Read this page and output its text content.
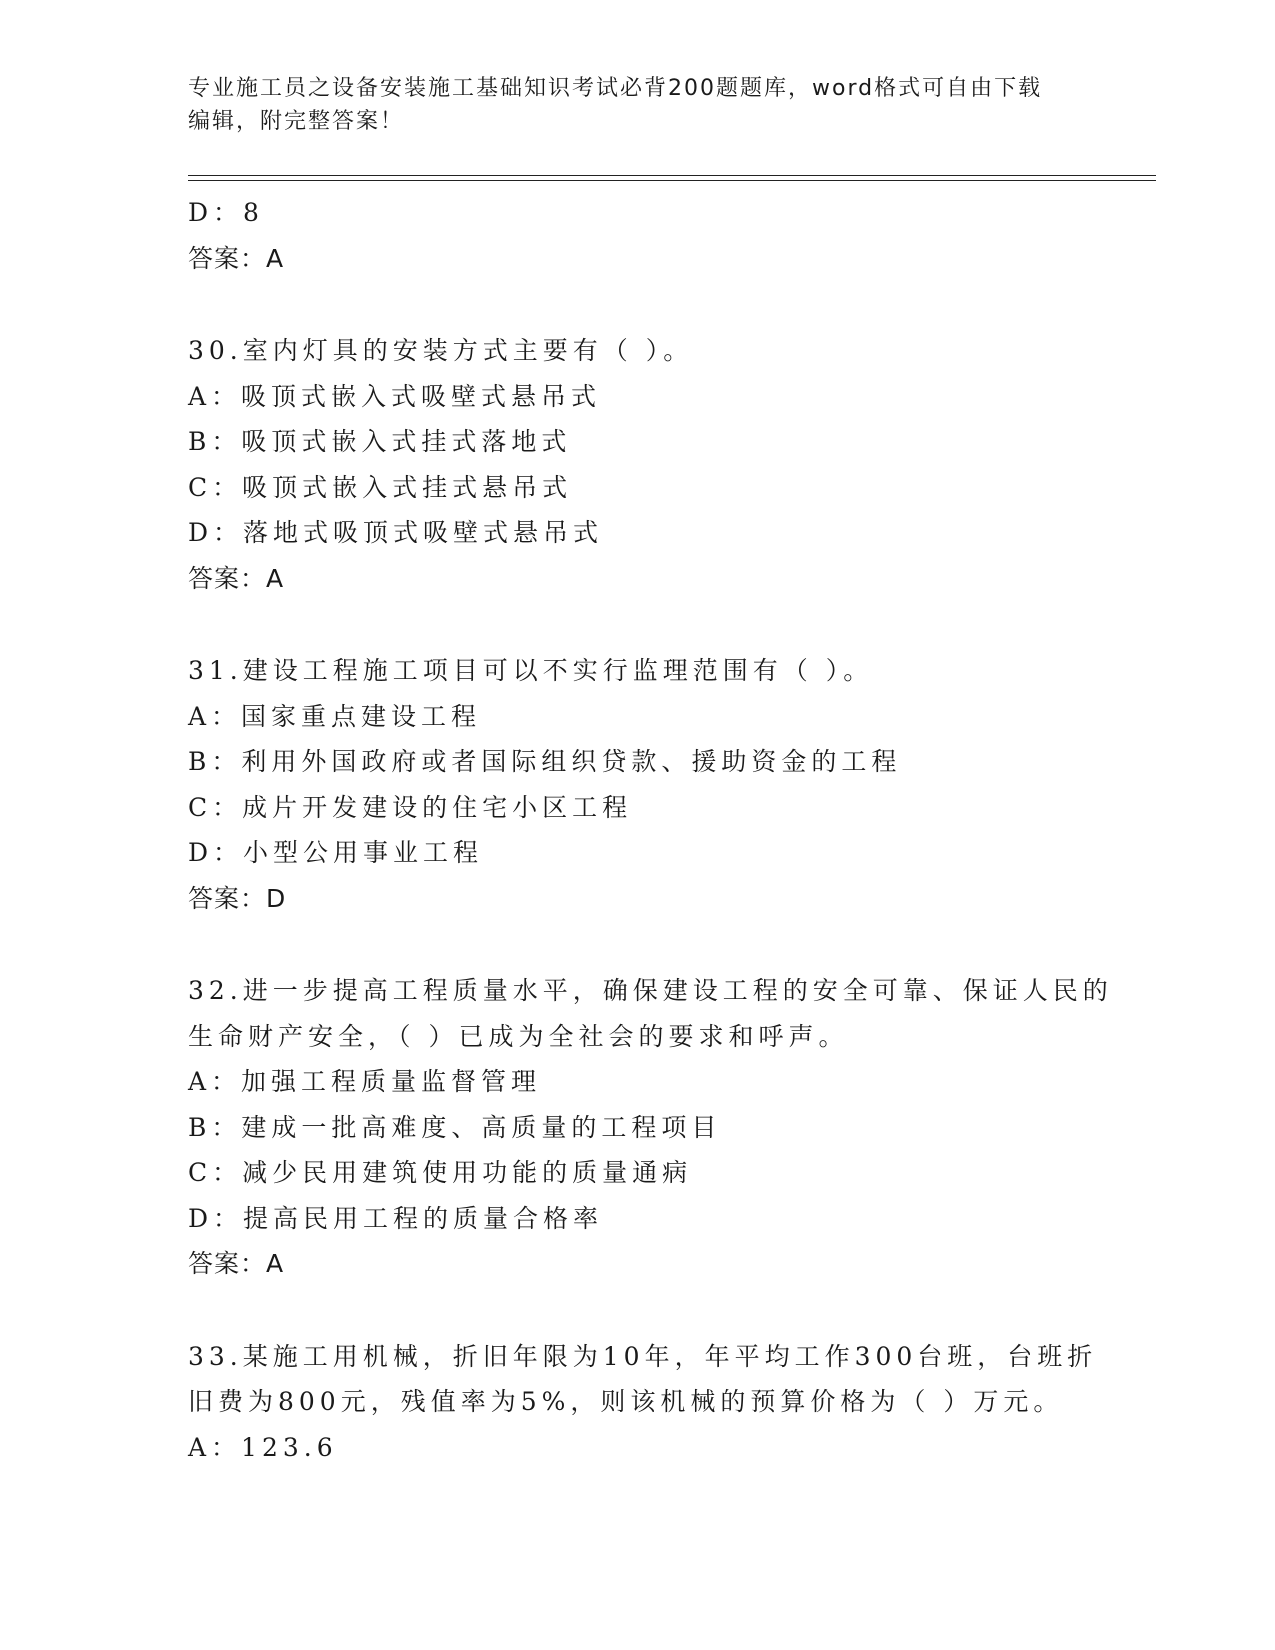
专业施工员之设备安装施工基础知识考试必背200题题库，word格式可自由下载
编辑，附完整答案！
D：8
答案：A
30.室内灯具的安装方式主要有（ ）。
A：吸顶式嵌入式吸壁式悬吊式
B：吸顶式嵌入式挂式落地式
C：吸顶式嵌入式挂式悬吊式
D：落地式吸顶式吸壁式悬吊式
答案：A
31.建设工程施工项目可以不实行监理范围有（ ）。
A：国家重点建设工程
B：利用外国政府或者国际组织贷款、援助资金的工程
C：成片开发建设的住宅小区工程
D：小型公用事业工程
答案：D
32.进一步提高工程质量水平，确保建设工程的安全可靠、保证人民的
生命财产安全，（ ）已成为全社会的要求和呼声。
A：加强工程质量监督管理
B：建成一批高难度、高质量的工程项目
C：减少民用建筑使用功能的质量通病
D：提高民用工程的质量合格率
答案：A
33.某施工用机械，折旧年限为10年，年平均工作300台班，台班折
旧费为800元，残值率为5%，则该机械的预算价格为（ ）万元。
A：123.6
